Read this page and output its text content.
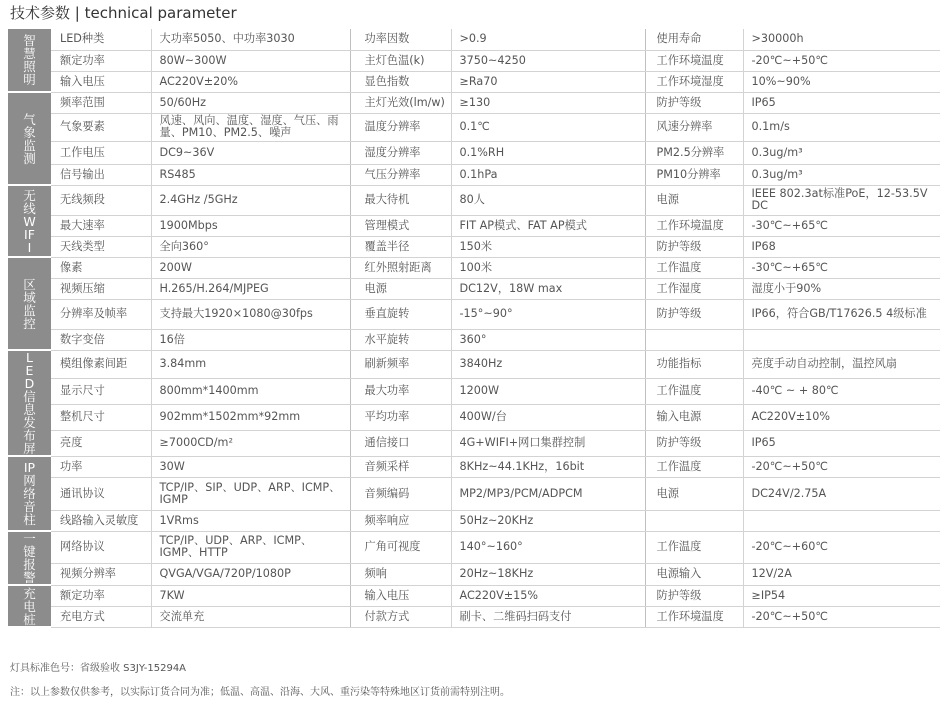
技术参数 | technical parameter
智慧照明	LED种类	大功率5050、中功率3030	功率因数	>0.9	使用寿命	>30000h
	额定功率	80W~300W	主灯色温(k)	3750~4250	工作环境温度	-20℃~+50℃
	输入电压	AC220V±20%	显色指数	≥Ra70	工作环境湿度	10%~90%
气象监测	频率范围	50/60Hz	主灯光效(lm/w)	≥130	防护等级	IP65
	气象要素	风速、风向、温度、湿度、气压、雨量、PM10、PM2.5、噪声	温度分辨率	0.1℃	风速分辨率	0.1m/s
	工作电压	DC9~36V	湿度分辨率	0.1%RH	PM2.5分辨率	0.3ug/m³
	信号输出	RS485	气压分辨率	0.1hPa	PM10分辨率	0.3ug/m³
无线WIFI	无线频段	2.4GHz /5GHz	最大待机	80人	电源	IEEE 802.3at标准PoE，12-53.5V DC
	最大速率	1900Mbps	管理模式	FIT AP模式、FAT AP模式	工作环境温度	-30℃~+65℃
	天线类型	全向360°	覆盖半径	150米	防护等级	IP68
区域监控	像素	200W	红外照射距离	100米	工作温度	-30℃~+65℃
	视频压缩	H.265/H.264/MJPEG	电源	DC12V，18W max	工作湿度	湿度小于90%
	分辨率及帧率	支持最大1920×1080@30fps	垂直旋转	-15°~90°	防护等级	IP66，符合GB/T17626.5 4级标准
	数字变倍	16倍	水平旋转	360°		
LED信息发布屏	模组像素间距	3.84mm	刷新频率	3840Hz	功能指标	亮度手动自动控制，温控风扇
	显示尺寸	800mm*1400mm	最大功率	1200W	工作温度	-40℃ ~ + 80℃
	整机尺寸	902mm*1502mm*92mm	平均功率	400W/台	输入电源	AC220V±10%
	亮度	≥7000CD/m²	通信接口	4G+WIFI+网口集群控制	防护等级	IP65
IP网络音柱	功率	30W	音频采样	8KHz~44.1KHz，16bit	工作温度	-20℃~+50℃
	通讯协议	TCP/IP、SIP、UDP、ARP、ICMP、IGMP	音频编码	MP2/MP3/PCM/ADPCM	电源	DC24V/2.75A
	线路输入灵敏度	1VRms	频率响应	50Hz~20KHz		
一键报警	网络协议	TCP/IP、UDP、ARP、ICMP、IGMP、HTTP	广角可视度	140°~160°	工作温度	-20℃~+60℃
	视频分辨率	QVGA/VGA/720P/1080P	频响	20Hz~18KHz	电源输入	12V/2A
充电桩	额定功率	7KW	输入电压	AC220V±15%	防护等级	≥IP54
	充电方式	交流单充	付款方式	刷卡、二维码扫码支付	工作环境温度	-20℃~+50℃
灯具标准色号：省级验收 S3JY-15294A
注：以上参数仅供参考，以实际订货合同为准；低温、高温、沿海、大风、重污染等特殊地区订货前需特别注明。
